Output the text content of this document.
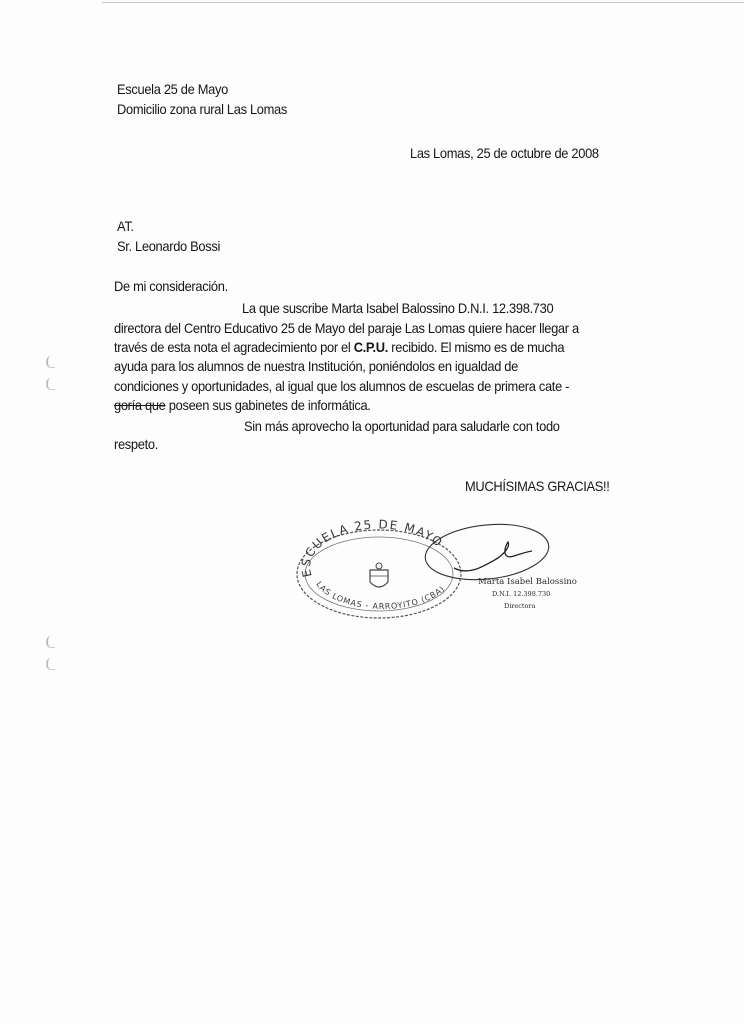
Escuela 25 de Mayo
Domicilio zona rural Las Lomas
Las Lomas, 25 de octubre de 2008
AT.
Sr. Leonardo Bossi
De mi consideración.
La que suscribe Marta Isabel Balossino D.N.I. 12.398.730
directora del Centro Educativo 25 de Mayo del paraje Las Lomas quiere hacer llegar a
través de esta nota el agradecimiento por el C.P.U. recibido. El mismo es de mucha
ayuda para los alumnos de nuestra Institución, poniéndolos en igualdad de
condiciones y oportunidades, al igual que los alumnos de escuelas de primera cate -
goría que poseen sus gabinetes de informática.
Sin más aprovecho la oportunidad para saludarle con todo
respeto.
MUCHÍSIMAS GRACIAS!!
ESCUELA 25 DE MAYO
LAS LOMAS - ARROYITO (CBA)
Marta Isabel Balossino
D.N.I. 12.398.730
Directora
